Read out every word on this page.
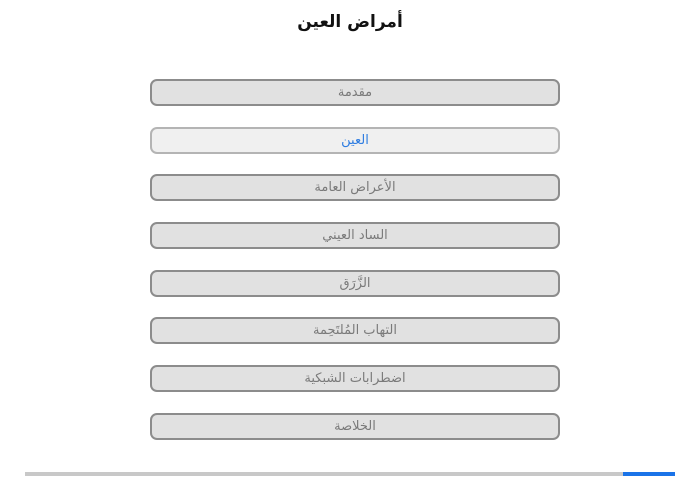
أمراض العين
مقدمة
العين
الأعراض العامة
الساد العيني
الزَّرَق
التهاب المُلتَحِمة
اضطرابات الشبكية
الخلاصة
